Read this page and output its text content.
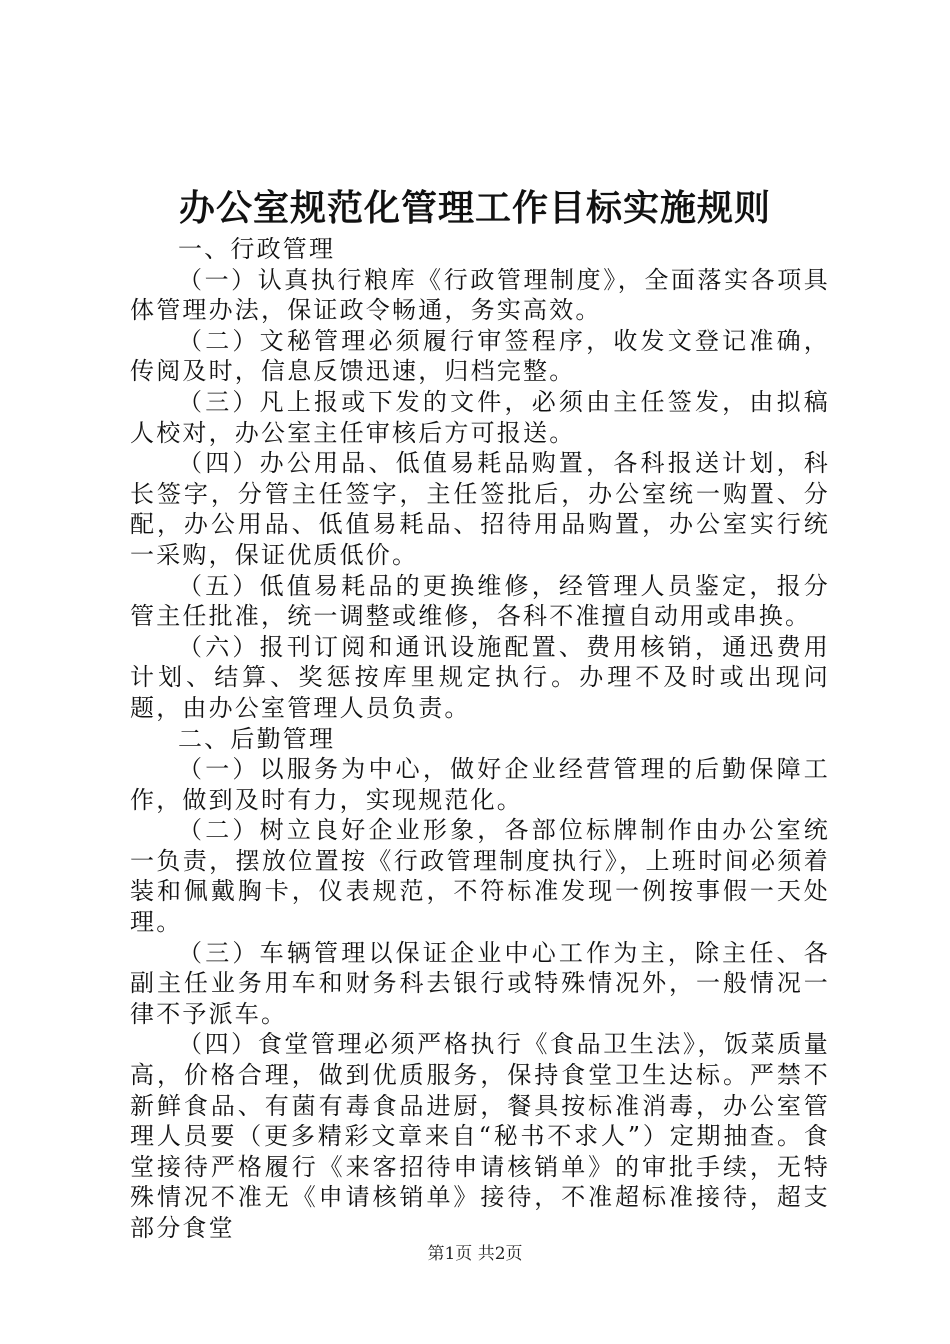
办公室规范化管理工作目标实施规则

一、行政管理

（一）认真执行粮库《行政管理制度》，全面落实各项具体管理办法，保证政令畅通，务实高效。

（二）文秘管理必须履行审签程序，收发文登记准确，传阅及时，信息反馈迅速，归档完整。

（三）凡上报或下发的文件，必须由主任签发，由拟稿人校对，办公室主任审核后方可报送。

（四）办公用品、低值易耗品购置，各科报送计划，科长签字，分管主任签字，主任签批后，办公室统一购置、分配，办公用品、低值易耗品、招待用品购置，办公室实行统一采购，保证优质低价。

（五）低值易耗品的更换维修，经管理人员鉴定，报分管主任批准，统一调整或维修，各科不准擅自动用或串换。

（六）报刊订阅和通讯设施配置、费用核销，通迅费用计划、结算、奖惩按库里规定执行。办理不及时或出现问题，由办公室管理人员负责。

二、后勤管理

（一）以服务为中心，做好企业经营管理的后勤保障工作，做到及时有力，实现规范化。

（二）树立良好企业形象，各部位标牌制作由办公室统一负责，摆放位置按《行政管理制度执行》，上班时间必须着装和佩戴胸卡，仪表规范，不符标准发现一例按事假一天处理。

（三）车辆管理以保证企业中心工作为主，除主任、各副主任业务用车和财务科去银行或特殊情况外，一般情况一律不予派车。

（四）食堂管理必须严格执行《食品卫生法》，饭菜质量高，价格合理，做到优质服务，保持食堂卫生达标。严禁不新鲜食品、有菌有毒食品进厨，餐具按标准消毒，办公室管理人员要（更多精彩文章来自“秘书不求人”）定期抽查。食堂接待严格履行《来客招待申请核销单》的审批手续，无特殊情况不准无《申请核销单》接待，不准超标准接待，超支部分食堂

第1页 共2页
